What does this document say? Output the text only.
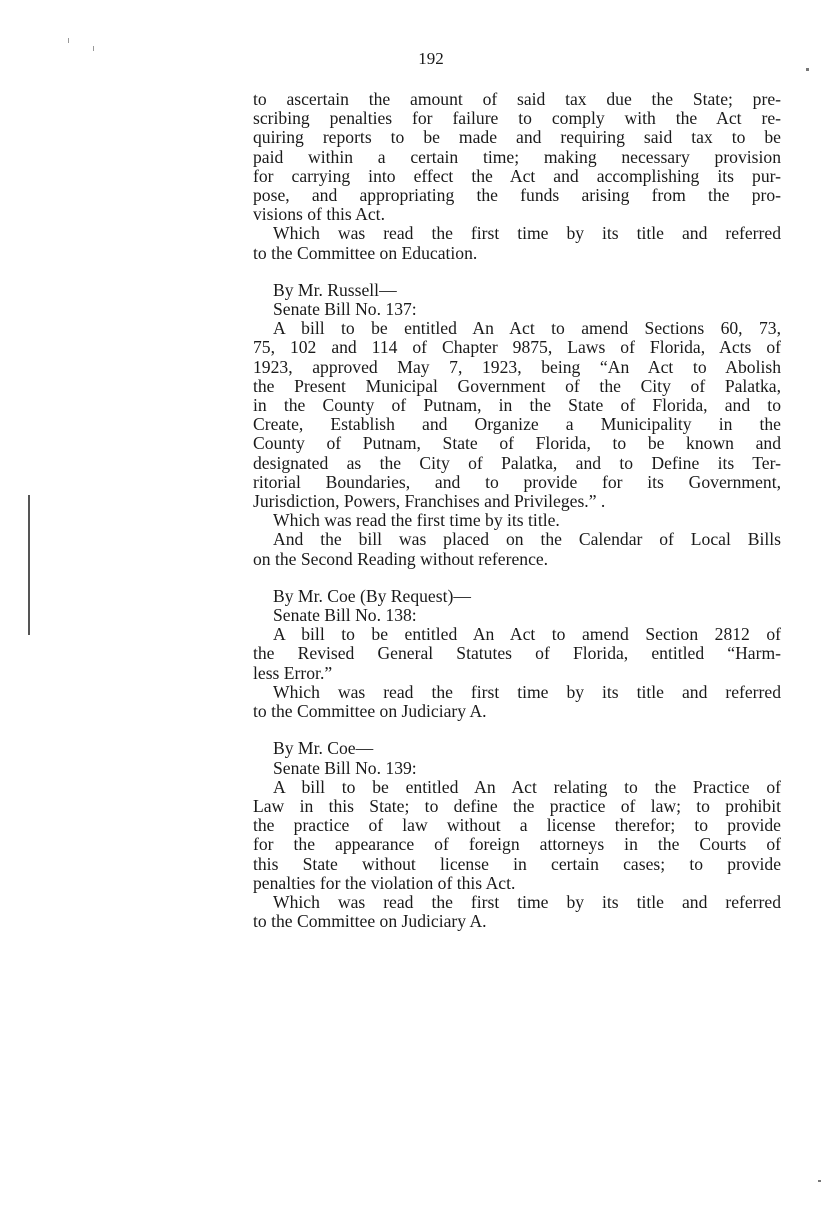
192
to ascertain the amount of said tax due the State; pre-
scribing penalties for failure to comply with the Act re-
quiring reports to be made and requiring said tax to be
paid within a certain time; making necessary provision
for carrying into effect the Act and accomplishing its pur-
pose, and appropriating the funds arising from the pro-
visions of this Act.
Which was read the first time by its title and referred
to the Committee on Education.
By Mr. Russell—
Senate Bill No. 137:
A bill to be entitled An Act to amend Sections 60, 73,
75, 102 and 114 of Chapter 9875, Laws of Florida, Acts of
1923, approved May 7, 1923, being “An Act to Abolish
the Present Municipal Government of the City of Palatka,
in the County of Putnam, in the State of Florida, and to
Create, Establish and Organize a Municipality in the
County of Putnam, State of Florida, to be known and
designated as the City of Palatka, and to Define its Ter-
ritorial Boundaries, and to provide for its Government,
Jurisdiction, Powers, Franchises and Privileges.” .
Which was read the first time by its title.
And the bill was placed on the Calendar of Local Bills
on the Second Reading without reference.
By Mr. Coe (By Request)—
Senate Bill No. 138:
A bill to be entitled An Act to amend Section 2812 of
the Revised General Statutes of Florida, entitled “Harm-
less Error.”
Which was read the first time by its title and referred
to the Committee on Judiciary A.
By Mr. Coe—
Senate Bill No. 139:
A bill to be entitled An Act relating to the Practice of
Law in this State; to define the practice of law; to prohibit
the practice of law without a license therefor; to provide
for the appearance of foreign attorneys in the Courts of
this State without license in certain cases; to provide
penalties for the violation of this Act.
Which was read the first time by its title and referred
to the Committee on Judiciary A.
